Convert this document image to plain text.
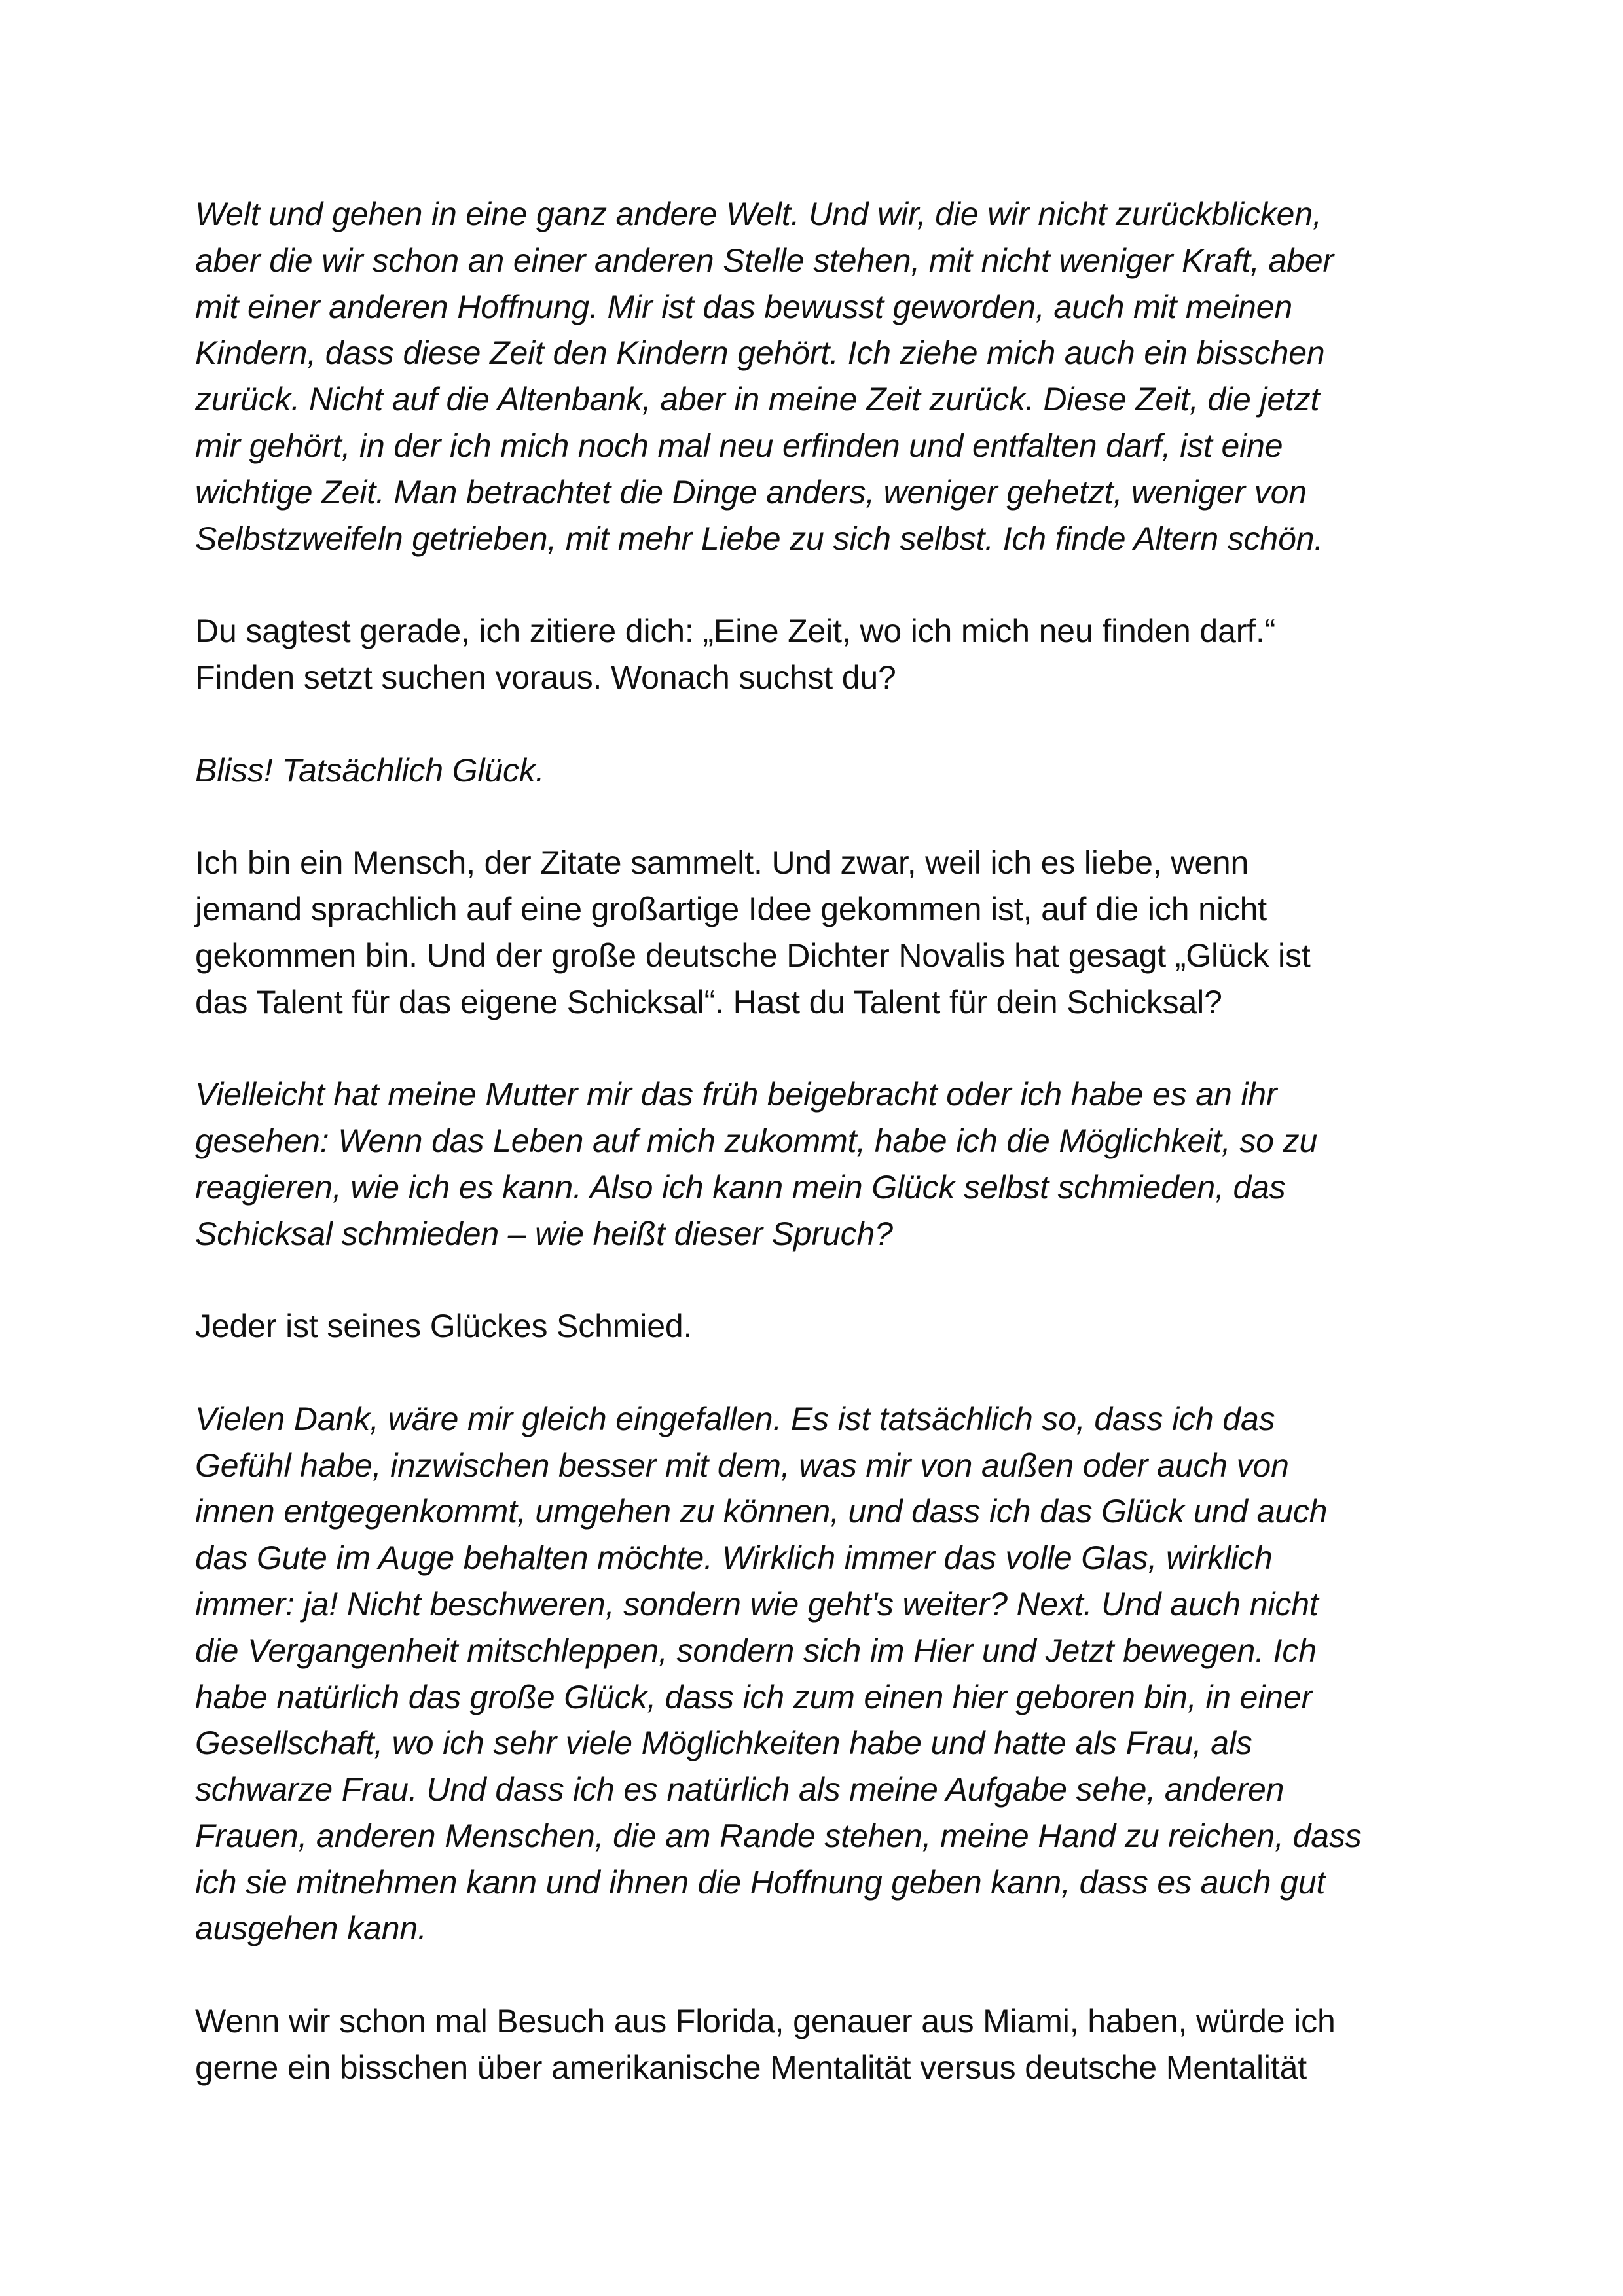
Welt und gehen in eine ganz andere Welt. Und wir, die wir nicht zurückblicken,
aber die wir schon an einer anderen Stelle stehen, mit nicht weniger Kraft, aber
mit einer anderen Hoffnung. Mir ist das bewusst geworden, auch mit meinen
Kindern, dass diese Zeit den Kindern gehört. Ich ziehe mich auch ein bisschen
zurück. Nicht auf die Altenbank, aber in meine Zeit zurück. Diese Zeit, die jetzt
mir gehört, in der ich mich noch mal neu erfinden und entfalten darf, ist eine
wichtige Zeit. Man betrachtet die Dinge anders, weniger gehetzt, weniger von
Selbstzweifeln getrieben, mit mehr Liebe zu sich selbst. Ich finde Altern schön.

Du sagtest gerade, ich zitiere dich: „Eine Zeit, wo ich mich neu finden darf.“
Finden setzt suchen voraus. Wonach suchst du?

Bliss! Tatsächlich Glück.

Ich bin ein Mensch, der Zitate sammelt. Und zwar, weil ich es liebe, wenn
jemand sprachlich auf eine großartige Idee gekommen ist, auf die ich nicht
gekommen bin. Und der große deutsche Dichter Novalis hat gesagt „Glück ist
das Talent für das eigene Schicksal“. Hast du Talent für dein Schicksal?

Vielleicht hat meine Mutter mir das früh beigebracht oder ich habe es an ihr
gesehen: Wenn das Leben auf mich zukommt, habe ich die Möglichkeit, so zu
reagieren, wie ich es kann. Also ich kann mein Glück selbst schmieden, das
Schicksal schmieden – wie heißt dieser Spruch?

Jeder ist seines Glückes Schmied.

Vielen Dank, wäre mir gleich eingefallen. Es ist tatsächlich so, dass ich das
Gefühl habe, inzwischen besser mit dem, was mir von außen oder auch von
innen entgegenkommt, umgehen zu können, und dass ich das Glück und auch
das Gute im Auge behalten möchte. Wirklich immer das volle Glas, wirklich
immer: ja! Nicht beschweren, sondern wie geht's weiter? Next. Und auch nicht
die Vergangenheit mitschleppen, sondern sich im Hier und Jetzt bewegen. Ich
habe natürlich das große Glück, dass ich zum einen hier geboren bin, in einer
Gesellschaft, wo ich sehr viele Möglichkeiten habe und hatte als Frau, als
schwarze Frau. Und dass ich es natürlich als meine Aufgabe sehe, anderen
Frauen, anderen Menschen, die am Rande stehen, meine Hand zu reichen, dass
ich sie mitnehmen kann und ihnen die Hoffnung geben kann, dass es auch gut
ausgehen kann.

Wenn wir schon mal Besuch aus Florida, genauer aus Miami, haben, würde ich
gerne ein bisschen über amerikanische Mentalität versus deutsche Mentalität
